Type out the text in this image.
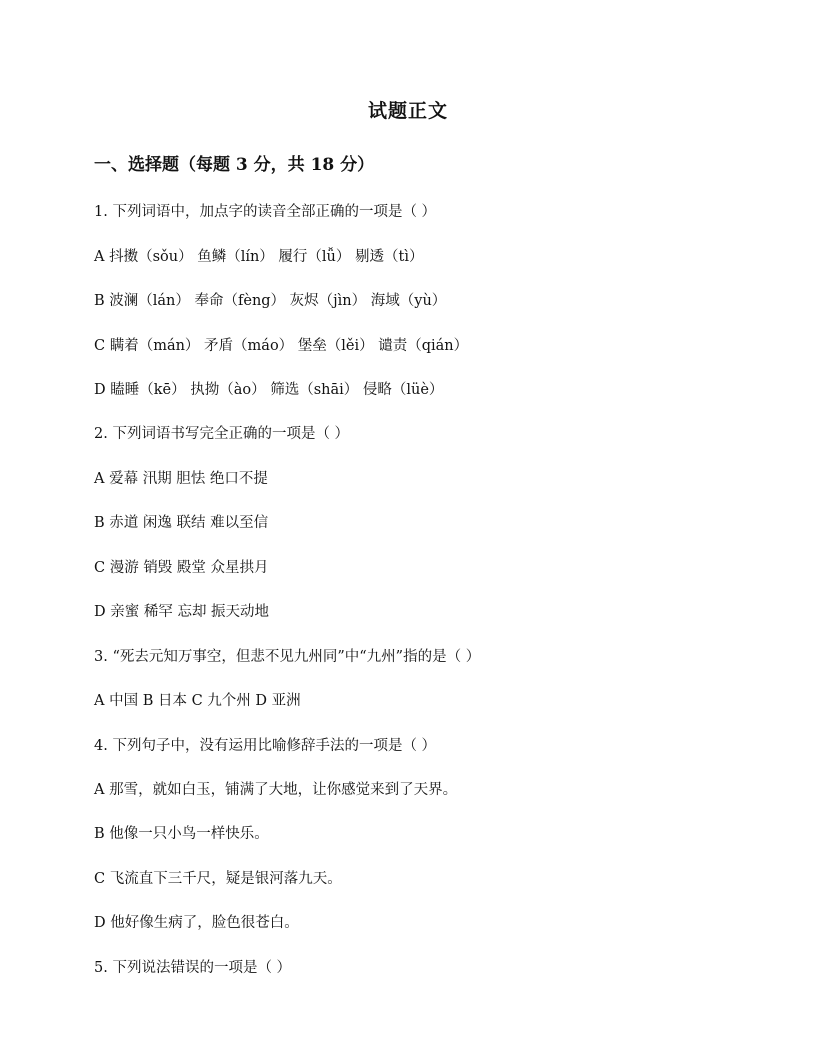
试题正文
一、选择题（每题 3 分，共 18 分）
1. 下列词语中，加点字的读音全部正确的一项是（ ）
A 抖擞（sǒu） 鱼鳞（lín） 履行（lǚ） 剔透（tì）
B 波澜（lán） 奉命（fèng） 灰烬（jìn） 海域（yù）
C 瞒着（mán） 矛盾（máo） 堡垒（lěi） 谴责（qián）
D 瞌睡（kē） 执拗（ào） 筛选（shāi） 侵略（lüè）
2. 下列词语书写完全正确的一项是（ ）
A 爱幕 汛期 胆怯 绝口不提
B 赤道 闲逸 联结 难以至信
C 漫游 销毁 殿堂 众星拱月
D 亲蜜 稀罕 忘却 振天动地
3. “死去元知万事空，但悲不见九州同”中“九州”指的是（ ）
A 中国 B 日本 C 九个州 D 亚洲
4. 下列句子中，没有运用比喻修辞手法的一项是（ ）
A 那雪，就如白玉，铺满了大地，让你感觉来到了天界。
B 他像一只小鸟一样快乐。
C 飞流直下三千尺，疑是银河落九天。
D 他好像生病了，脸色很苍白。
5. 下列说法错误的一项是（ ）
